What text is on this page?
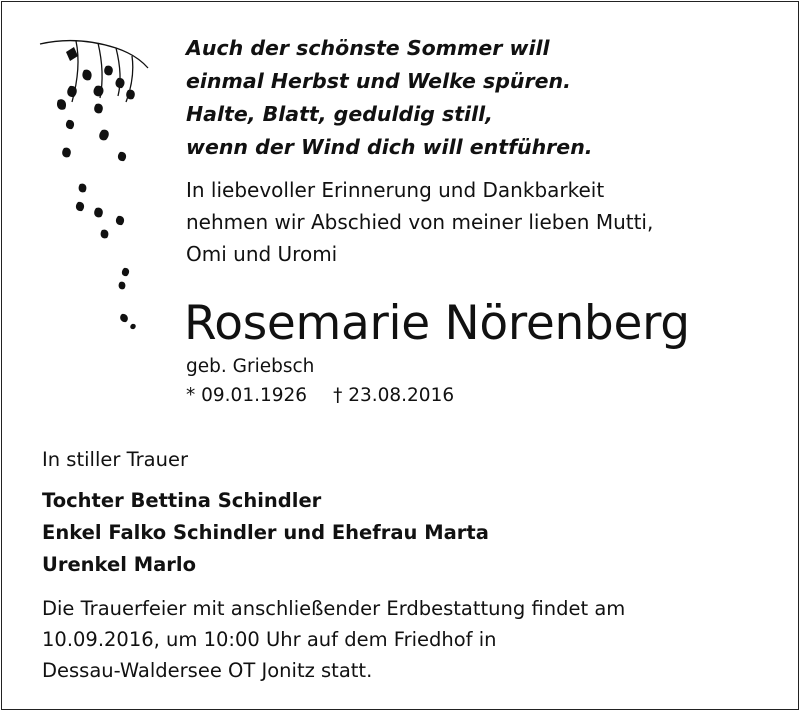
Auch der schönste Sommer will
einmal Herbst und Welke spüren.
Halte, Blatt, geduldig still,
wenn der Wind dich will entführen.
In liebevoller Erinnerung und Dankbarkeit
nehmen wir Abschied von meiner lieben Mutti,
Omi und Uromi
Rosemarie Nörenberg
geb. Griebsch
* 09.01.1926 † 23.08.2016
In stiller Trauer
Tochter Bettina Schindler
Enkel Falko Schindler und Ehefrau Marta
Urenkel Marlo
Die Trauerfeier mit anschließender Erdbestattung findet am
10.09.2016, um 10:00 Uhr auf dem Friedhof in
Dessau-Waldersee OT Jonitz statt.
